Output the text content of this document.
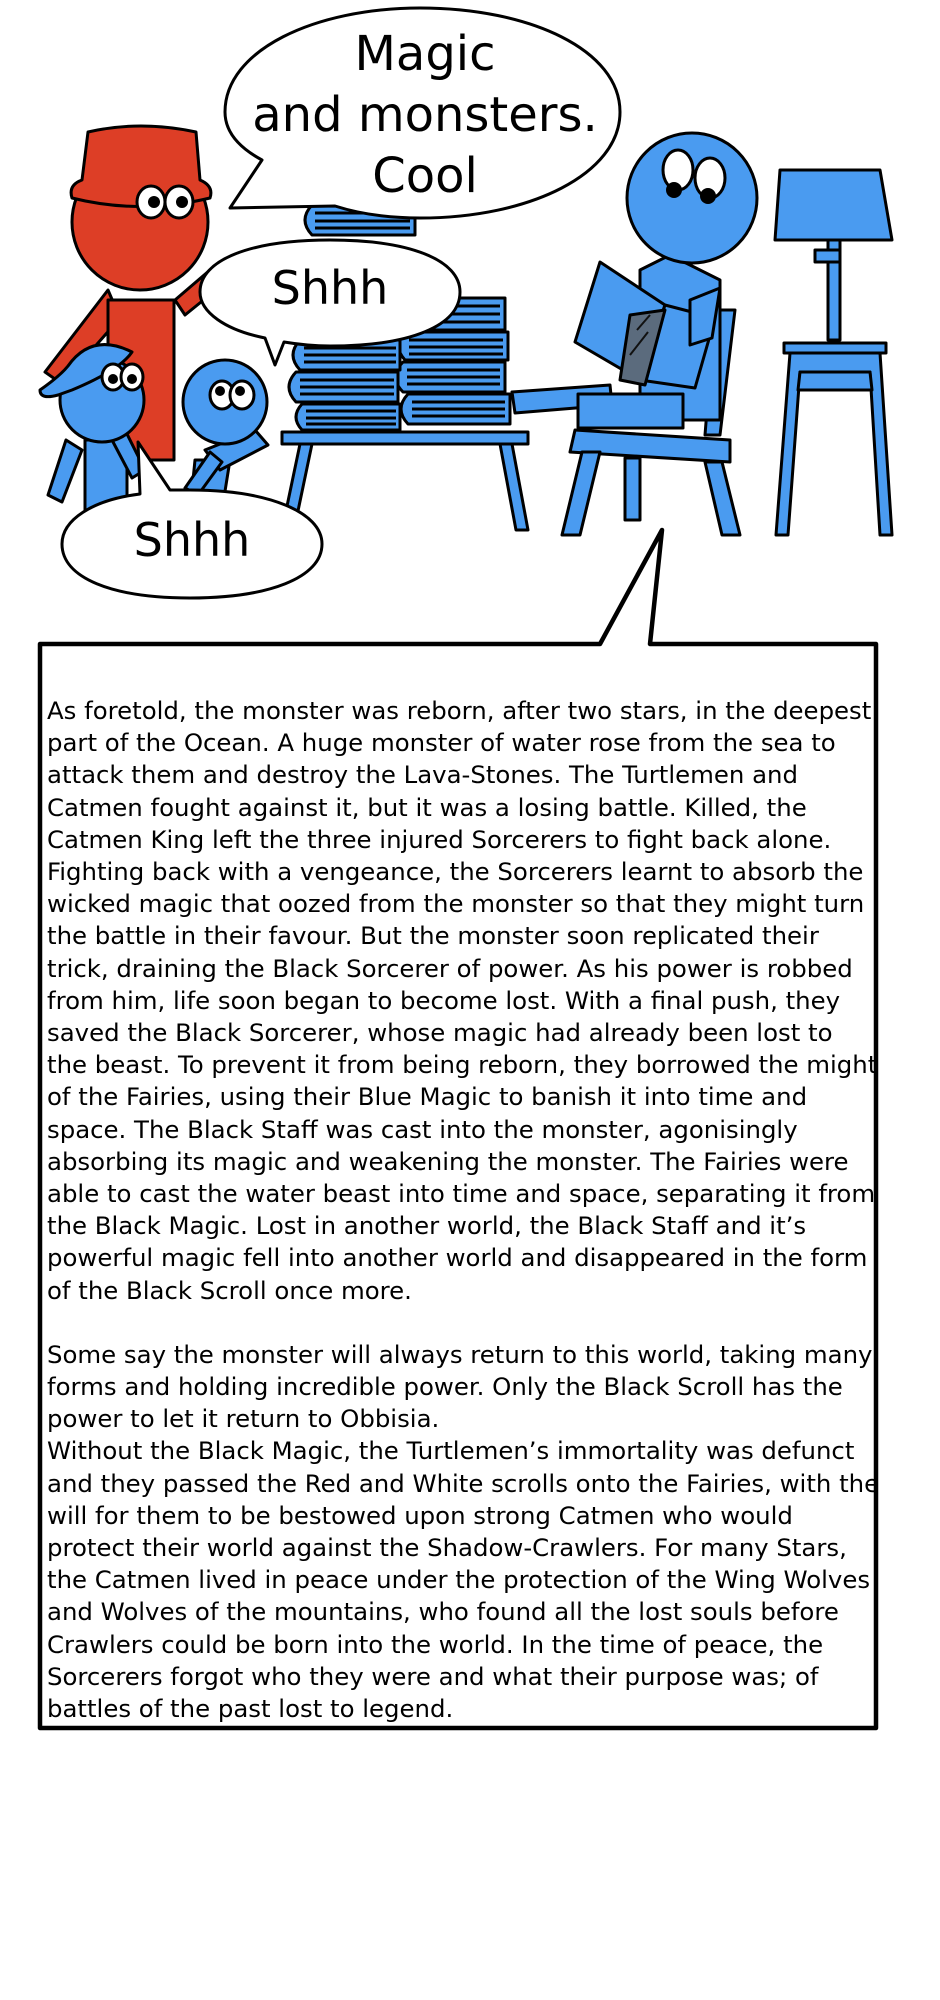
Magic
and monsters.
Cool
Shhh
Shhh

As foretold, the monster was reborn, after two stars, in the deepest part of the Ocean. A huge monster of water rose from the sea to attack them and destroy the Lava-Stones. The Turtlemen and Catmen fought against it, but it was a losing battle. Killed, the Catmen King left the three injured Sorcerers to fight back alone. Fighting back with a vengeance, the Sorcerers learnt to absorb the wicked magic that oozed from the monster so that they might turn the battle in their favour. But the monster soon replicated their trick, draining the Black Sorcerer of power. As his power is robbed from him, life soon began to become lost. With a final push, they saved the Black Sorcerer, whose magic had already been lost to the beast. To prevent it from being reborn, they borrowed the might of the Fairies, using their Blue Magic to banish it into time and space. The Black Staff was cast into the monster, agonisingly absorbing its magic and weakening the monster. The Fairies were able to cast the water beast into time and space, separating it from the Black Magic. Lost in another world, the Black Staff and it’s powerful magic fell into another world and disappeared in the form of the Black Scroll once more.

Some say the monster will always return to this world, taking many forms and holding incredible power. Only the Black Scroll has the power to let it return to Obbisia.

Without the Black Magic, the Turtlemen’s immortality was defunct and they passed the Red and White scrolls onto the Fairies, with the will for them to be bestowed upon strong Catmen who would protect their world against the Shadow-Crawlers. For many Stars, the Catmen lived in peace under the protection of the Wing Wolves and Wolves of the mountains, who found all the lost souls before Crawlers could be born into the world. In the time of peace, the Sorcerers forgot who they were and what their purpose was; of battles of the past lost to legend.
